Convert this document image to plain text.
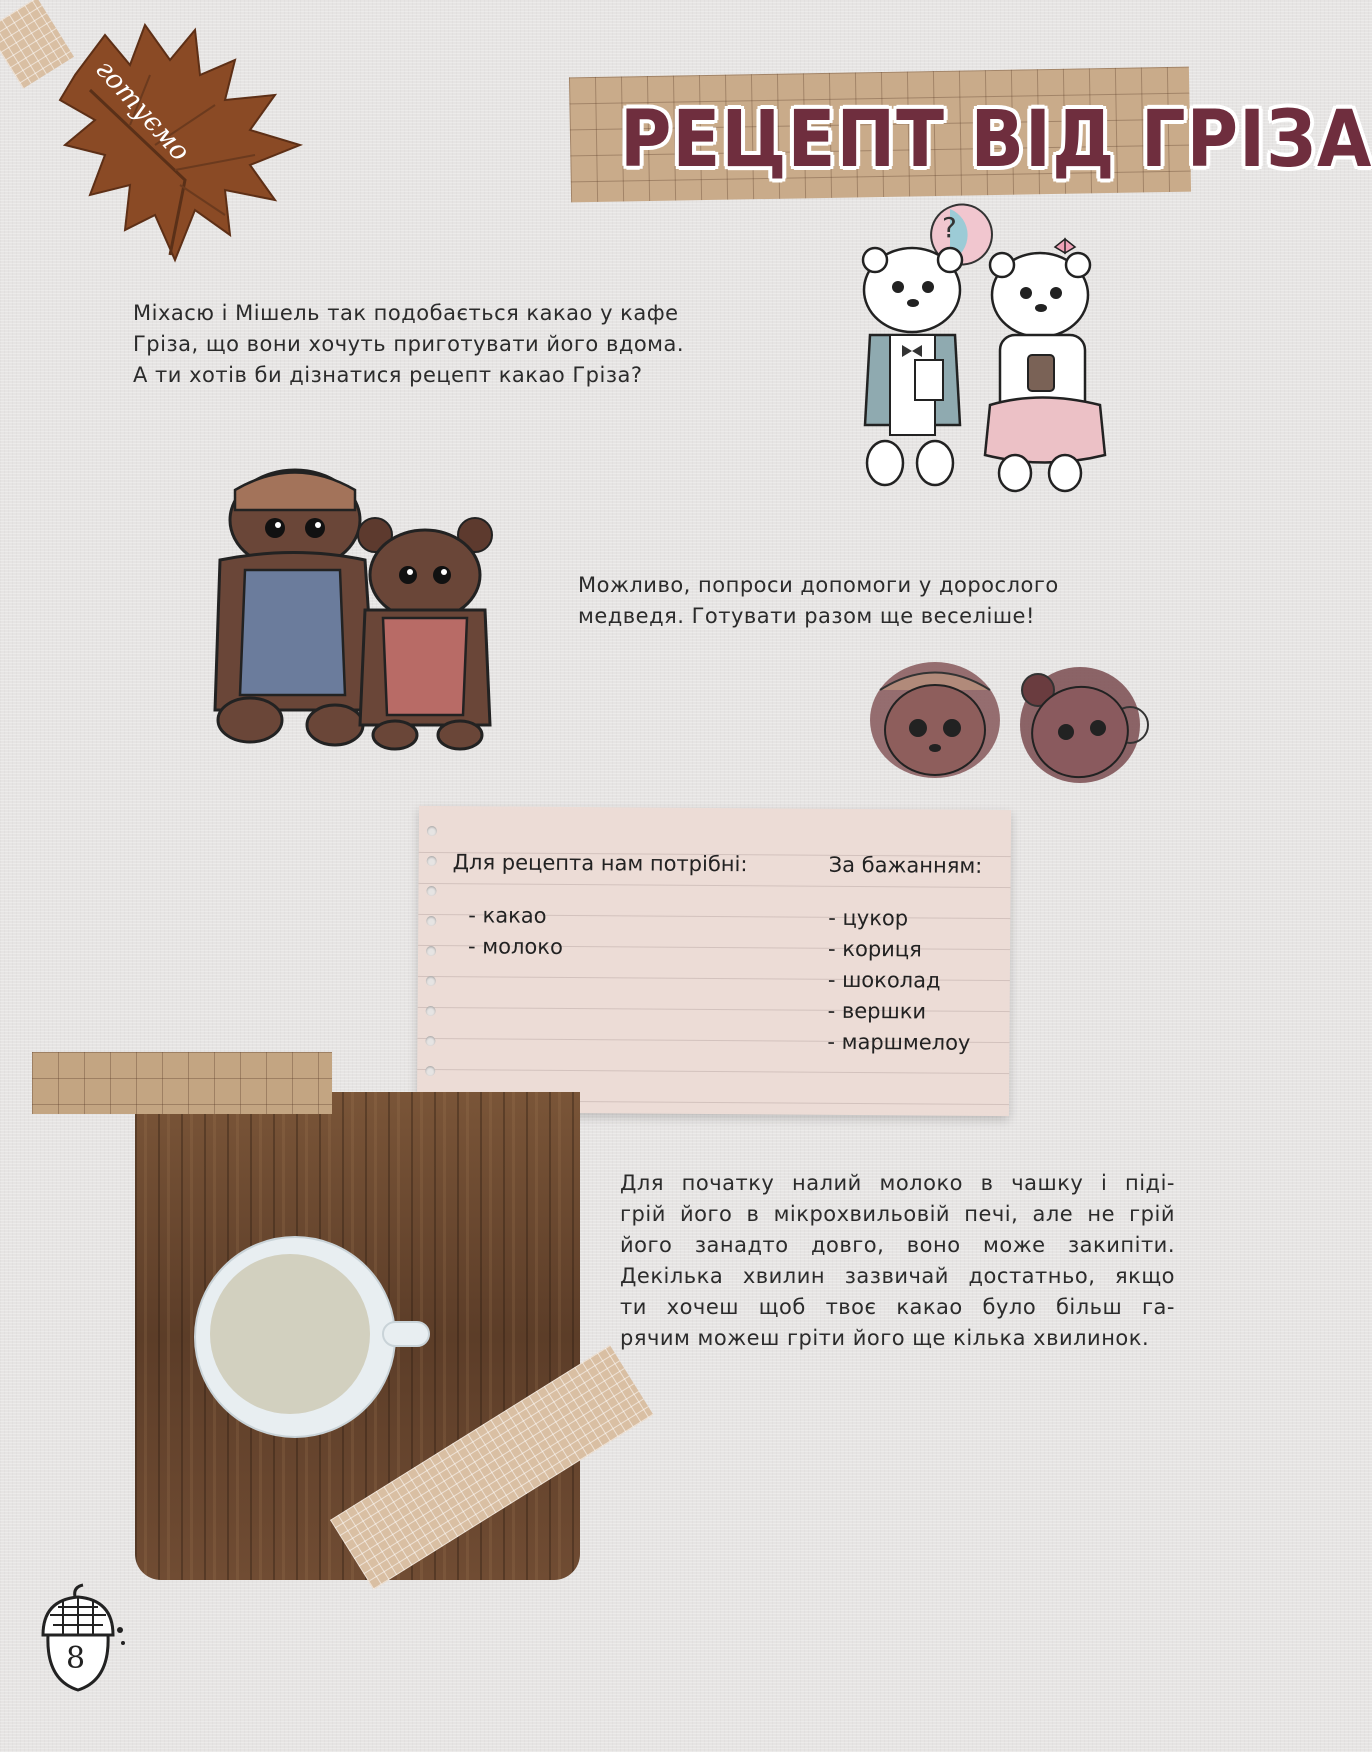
готуємо	РЕЦЕПТ ВІД ГРІЗА

Міхасю і Мішель так подобається какао у кафе

Гріза, що вони хочуть приготувати його вдома.

А ти хотів би дізнатися рецепт какао Гріза?

?

Можливо, попроси допомоги у дорослого

медведя. Готувати разом ще веселіше!

Для рецепта нам потрібні:
- какао
- молоко
За бажанням:
- цукор
- кориця
- шоколад
- вершки
- маршмелоу

Для початку налий молоко в чашку і піді-

грій його в мікрохвильовій печі, але не грій

його занадто довго, воно може закипіти.

Декілька хвилин зазвичай достатньо, якщо

ти хочеш щоб твоє какао було більш га-

рячим можеш гріти його ще кілька хвилинок.

8
